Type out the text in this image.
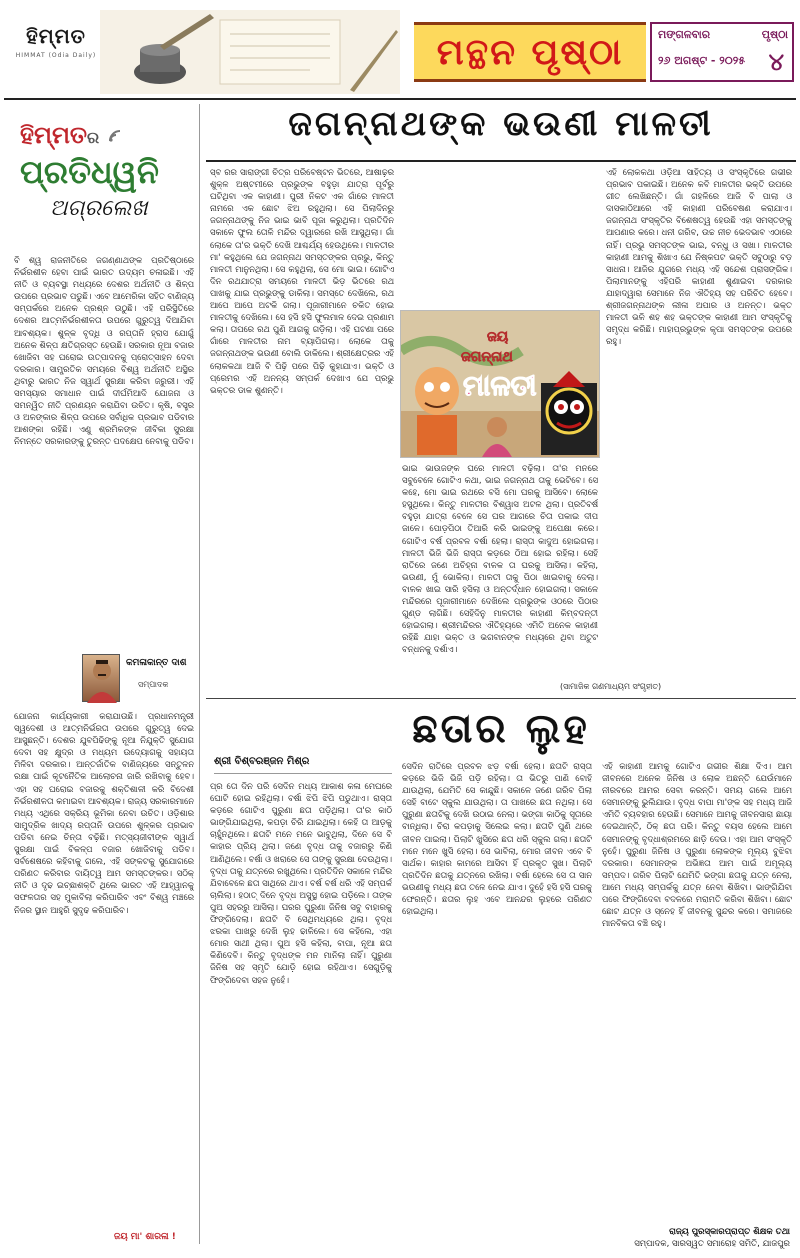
ହିମ୍ମତ
HIMMAT (Odia Daily)	ମନ୍ଥନ ପୃଷ୍ଠା	ମଙ୍ଗଳବାର
୨୬ ଅଗଷ୍ଟ - ୨୦୨୫
ପୃଷ୍ଠା
୪
ହିମ୍ମତର
ପ୍ରତିଧ୍ୱନି
ଅଗ୍ରଲେଖ
ବି ଶ୍ୱ ରାଜନୀତିରେ ଜଗଣ୍ଣାଥଙ୍କ ପ୍ରତିଷ୍ଠାରେ ନିର୍ଭରଶୀଳ ହେବା ପାଇଁ ଭାରତ ଉଦ୍ୟମ ଚଳାଇଛି। ଏହି ନୀତି ଓ ବ୍ୟବସ୍ଥା ମଧ୍ୟରେ ଦେଶର ଅର୍ଥନୀତି ଓ ଶିଳ୍ପ ଉପରେ ପ୍ରଭାବ ପଡୁଛି। ଏବେ ଆମେରିକା ସହିତ ବାଣିଜ୍ୟ ସମ୍ପର୍କରେ ଅନେକ ପ୍ରଶ୍ନ ଉଠୁଛି। ଏହି ପରିସ୍ଥିତିରେ ଦେଶର ଆତ୍ମନିର୍ଭରଶୀଳତା ଉପରେ ଗୁରୁତ୍ୱ ଦିଆଯିବା ଆବଶ୍ୟକ। ଶୁଳ୍କ ବୃଦ୍ଧି ଓ ରପ୍ତାନି ହ୍ରାସ ଯୋଗୁଁ ଅନେକ ଶିଳ୍ପ କ୍ଷତିଗ୍ରସ୍ତ ହେଉଛି। ସରକାର ନୂଆ ବଜାର ଖୋଜିବା ସହ ଘରୋଇ ଉତ୍ପାଦନକୁ ପ୍ରୋତ୍ସାହନ ଦେବା ଦରକାର। ସାମ୍ପ୍ରତିକ ସମୟରେ ବିଶ୍ୱ ଅର୍ଥନୀତି ଅସ୍ଥିର ଥିବାରୁ ଭାରତ ନିଜ ସ୍ୱାର୍ଥ ସୁରକ୍ଷା କରିବା ଜରୁରୀ। ଏହି ସମସ୍ୟାର ସମାଧାନ ପାଇଁ ଦୀର୍ଘମିଆଦି ଯୋଜନା ଓ ସମନ୍ୱିତ ନୀତି ପ୍ରଣୟନ କରାଯିବା ଉଚିତ। କୃଷି, ବସ୍ତ୍ର ଓ ଅଳଙ୍କାର ଶିଳ୍ପ ଉପରେ ସର୍ବାଧିକ ପ୍ରଭାବ ପଡିବାର ଆଶଙ୍କା ରହିଛି। ଏଣୁ ଶ୍ରମିକଙ୍କ ଜୀବିକା ସୁରକ୍ଷା ନିମନ୍ତେ ସରକାରଙ୍କୁ ତୁରନ୍ତ ପଦକ୍ଷେପ ନେବାକୁ ପଡିବ।
କମଳାକାନ୍ତ ଦାଶ
ସମ୍ପାଦକ
ଯୋଜନା କାର୍ଯ୍ୟକାରୀ କରାଯାଉଛି। ପ୍ରଧାନମନ୍ତ୍ରୀ ସ୍ୱଦେଶୀ ଓ ଆତ୍ମନିର୍ଭରତା ଉପରେ ଗୁରୁତ୍ୱ ଦେଇ ଆସୁଛନ୍ତି। ଦେଶର ଯୁବପିଢିଙ୍କୁ ନୂଆ ନିଯୁକ୍ତି ସୁଯୋଗ ଦେବା ସହ କ୍ଷୁଦ୍ର ଓ ମଧ୍ୟମ ଉଦ୍ୟୋଗକୁ ସହାୟତା ମିଳିବା ଦରକାର। ଆନ୍ତର୍ଜାତିକ ବାଣିଜ୍ୟରେ ସନ୍ତୁଳନ ରକ୍ଷା ପାଇଁ କୂଟନୈତିକ ଆଲୋଚନା ଜାରି ରଖିବାକୁ ହେବ। ଏହା ସହ ଘରୋଇ ବଜାରକୁ ଶକ୍ତିଶାଳୀ କରି ବିଦେଶୀ ନିର୍ଭରଶୀଳତା କମାଇବା ଆବଶ୍ୟକ। ରାଜ୍ୟ ସରକାରମାନେ ମଧ୍ୟ ଏଥିରେ ସକ୍ରିୟ ଭୂମିକା ନେବା ଉଚିତ। ଓଡ଼ିଶାର ସାମୁଦ୍ରିକ ଖାଦ୍ୟ ରପ୍ତାନି ଉପରେ ଶୁଳ୍କର ପ୍ରଭାବ ପଡିବା ନେଇ ଚିନ୍ତା ବଢ଼ିଛି। ମତ୍ସ୍ୟଜୀବୀଙ୍କ ସ୍ୱାର୍ଥ ସୁରକ୍ଷା ପାଇଁ ବିକଳ୍ପ ବଜାର ଖୋଜିବାକୁ ପଡିବ। ସର୍ବଶେଷରେ କହିବାକୁ ଗଲେ, ଏହି ସଙ୍କଟକୁ ସୁଯୋଗରେ ପରିଣତ କରିବାର ଦାୟିତ୍ୱ ଆମ ସମସ୍ତଙ୍କର। ସଠିକ୍ ନୀତି ଓ ଦୃଢ ଇଚ୍ଛାଶକ୍ତି ଥିଲେ ଭାରତ ଏହି ଆହ୍ୱାନକୁ ସଫଳତାର ସହ ମୁକାବିଲା କରିପାରିବ ଏବଂ ବିଶ୍ୱ ମଞ୍ଚରେ ନିଜର ସ୍ଥାନ ଆହୁରି ସୁଦୃଢ କରିପାରିବ।
ଜୟ ମା' ଶାରଳା !
ଜଗନ୍ନାଥଙ୍କ ଭଉଣୀ ମାଳତୀ
ସ୍ବ ରର ସାରାଙ୍ଗୀ ଚିତ୍ର ପରିବେଷ୍ଟନ ଭିତରେ, ଆଷାଢ଼ର ଶୁକ୍ଳ ଅଷ୍ଟମୀରେ ପ୍ରଭୁଙ୍କ ବହୁଡ଼ା ଯାତ୍ରା ପୂର୍ବରୁ ଘଟିଥିବା ଏକ କାହାଣୀ। ପୁରୀ ନିକଟ ଏକ ଗାଁରେ ମାଳତୀ ନାମରେ ଏକ ଛୋଟ ଝିଅ ରହୁଥିଲା। ସେ ପିଲାଦିନରୁ ଜଗନ୍ନାଥଙ୍କୁ ନିଜ ଭାଇ ଭାବି ପୂଜା କରୁଥିଲା। ପ୍ରତିଦିନ ସକାଳେ ଫୁଲ ତୋଳି ମନ୍ଦିର ଦ୍ୱାରରେ ରଖି ଆସୁଥିଲା। ଗାଁ ଲୋକେ ତା'ର ଭକ୍ତି ଦେଖି ଆଶ୍ଚର୍ଯ୍ୟ ହେଉଥିଲେ। ମାଳତୀର ମା' କହୁଥିଲେ ଯେ ଜଗନ୍ନାଥ ସମସ୍ତଙ୍କର ପ୍ରଭୁ, କିନ୍ତୁ ମାଳତୀ ମାନୁନଥିଲା। ସେ କହୁଥିଲା, ସେ ମୋ ଭାଇ। ଗୋଟିଏ ଦିନ ରଥଯାତ୍ରା ସମୟରେ ମାଳତୀ ଭିଡ଼ ଭିତରେ ରଥ ପାଖକୁ ଯାଇ ପ୍ରଭୁଙ୍କୁ ଡାକିଲା। ସମସ୍ତେ ଦେଖିଲେ, ରଥ ଆପେ ଆପେ ଅଟକି ଗଲା। ପୂଜାରୀମାନେ ଚକିତ ହୋଇ ମାଳତୀକୁ ଦେଖିଲେ। ସେ ହସି ହସି ଫୁଲମାଳ ଦେଇ ପ୍ରଣାମ କଲା। ତାପରେ ରଥ ପୁଣି ଆଗକୁ ଗଡ଼ିଲା। ଏହି ଘଟଣା ପରେ ଗାଁରେ ମାଳତୀର ନାମ ବ୍ୟାପିଗଲା। ଲୋକେ ତାକୁ ଜଗନ୍ନାଥଙ୍କ ଭଉଣୀ ବୋଲି ଡାକିଲେ। ଶ୍ରୀକ୍ଷେତ୍ରର ଏହି ଲୋକକଥା ଆଜି ବି ପିଢ଼ି ପରେ ପିଢ଼ି କୁହାଯାଏ। ଭକ୍ତି ଓ ପ୍ରେମର ଏହି ଅନନ୍ୟ ସମ୍ପର୍କ ଦେଖାଏ ଯେ ପ୍ରଭୁ ଭକ୍ତର ଡାକ ଶୁଣନ୍ତି।
ଜୟ
ଜଗନ୍ନାଥ
ମାଳତୀ
ଭାଇ ଭାଉଜଙ୍କ ଘରେ ମାଳତୀ ବଢ଼ିଲା। ତା'ର ମନରେ ସବୁବେଳେ ଗୋଟିଏ କଥା, ଭାଇ ଜଗନ୍ନାଥ ତାକୁ ଭେଟିବେ। ସେ କହେ, ମୋ ଭାଇ ରଥରେ ବସି ମୋ ଘରକୁ ଆସିବେ। ଲୋକେ ହସୁଥିଲେ। କିନ୍ତୁ ମାଳତୀର ବିଶ୍ୱାସ ଅଟଳ ଥିଲା। ପ୍ରତିବର୍ଷ ବହୁଡ଼ା ଯାତ୍ରା ବେଳେ ସେ ଘର ଆଗରେ ଚିତା ପକାଇ ଦୀପ ଜାଳେ। ପୋଡ଼ପିଠା ତିଆରି କରି ଭାଇଙ୍କୁ ଅପେକ୍ଷା କରେ। ଗୋଟିଏ ବର୍ଷ ପ୍ରବଳ ବର୍ଷା ହେଲା। ରାସ୍ତା କାଦୁଅ ହୋଇଗଲା। ମାଳତୀ ଭିଜି ଭିଜି ରାସ୍ତା କଡ଼ରେ ଠିଆ ହୋଇ ରହିଲା। ସେହି ରାତିରେ ଜଣେ ଅଚିହ୍ନା ବାଳକ ତା ଘରକୁ ଆସିଲା। କହିଲା, ଭଉଣୀ, ମୁଁ ଭୋକିଲା। ମାଳତୀ ତାକୁ ପିଠା ଖାଇବାକୁ ଦେଲା। ବାଳକ ଖାଇ ସାରି ହସିଲା ଓ ଅନ୍ତର୍ଦ୍ଧାନ ହୋଇଗଲା। ସକାଳେ ମନ୍ଦିରରେ ପୂଜାରୀମାନେ ଦେଖିଲେ ପ୍ରଭୁଙ୍କ ଓଠରେ ପିଠାର ଗୁଣ୍ଡ ଲାଗିଛି। ସେହିଦିନୁ ମାଳତୀର କାହାଣୀ କିମ୍ବଦନ୍ତୀ ହୋଇଗଲା। ଶ୍ରୀମନ୍ଦିରର ଐତିହ୍ୟରେ ଏମିତି ଅନେକ କାହାଣୀ ରହିଛି ଯାହା ଭକ୍ତ ଓ ଭଗବାନଙ୍କ ମଧ୍ୟରେ ଥିବା ଅତୁଟ ବନ୍ଧନକୁ ଦର୍ଶାଏ।
ଏହି ଲୋକକଥା ଓଡ଼ିଆ ସାହିତ୍ୟ ଓ ସଂସ୍କୃତିରେ ଗଭୀର ପ୍ରଭାବ ପକାଇଛି। ଅନେକ କବି ମାଳତୀର ଭକ୍ତି ଉପରେ ଗୀତ ଲେଖିଛନ୍ତି। ଗାଁ ଗହଳିରେ ଆଜି ବି ପାଲା ଓ ଦାସକାଠିଆରେ ଏହି କାହାଣୀ ପରିବେଷଣ କରାଯାଏ। ଜଗନ୍ନାଥ ସଂସ୍କୃତିର ବିଶେଷତ୍ୱ ହେଉଛି ଏହା ସମସ୍ତଙ୍କୁ ଆପଣାର କରେ। ଧନୀ ଗରିବ, ଉଚ୍ଚ ନୀଚ ଭେଦଭାବ ଏଠାରେ ନାହିଁ। ପ୍ରଭୁ ସମସ୍ତଙ୍କ ଭାଇ, ବନ୍ଧୁ ଓ ସଖା। ମାଳତୀର କାହାଣୀ ଆମକୁ ଶିଖାଏ ଯେ ନିଷ୍କପଟ ଭକ୍ତି ସବୁଠାରୁ ବଡ଼ ସାଧନା। ଆଜିର ଯୁଗରେ ମଧ୍ୟ ଏହି ସନ୍ଦେଶ ପ୍ରାସଙ୍ଗିକ। ପିଲାମାନଙ୍କୁ ଏହିପରି କାହାଣୀ ଶୁଣାଇବା ଦରକାର ଯାହାଦ୍ୱାରା ସେମାନେ ନିଜ ଐତିହ୍ୟ ସହ ପରିଚିତ ହେବେ। ଶ୍ରୀଜଗନ୍ନାଥଙ୍କ ଲୀଳା ଅପାର ଓ ଅନନ୍ତ। ଭକ୍ତ ମାଳତୀ ଭଳି ଶହ ଶହ ଭକ୍ତଙ୍କ କାହାଣୀ ଆମ ସଂସ୍କୃତିକୁ ସମୃଦ୍ଧ କରିଛି। ମାହାପ୍ରଭୁଙ୍କ କୃପା ସମସ୍ତଙ୍କ ଉପରେ ରହୁ।
(ସାମାଜିକ ଗଣମାଧ୍ୟମ ସଂଗୃହୀତ)
ଛତାର ଲୁହ
ଶ୍ରୀ ବିଶ୍ବରଞ୍ଜନ ମିଶ୍ର
ପ୍ର ତୋ ଦିନ ପରି ସେଦିନ ମଧ୍ୟ ଆକାଶ କଳା ମେଘରେ ଘୋଟି ହୋଇ ରହିଥିଲା। ବର୍ଷା ଝିପି ଝିପି ପଡୁଥାଏ। ରାସ୍ତା କଡ଼ରେ ଗୋଟିଏ ପୁରୁଣା ଛତା ପଡ଼ିଥିଲା। ତା'ର କାଠି ଭାଙ୍ଗିଯାଇଥିଲା, କପଡ଼ା ଚିରି ଯାଇଥିଲା। କେହି ତା ଆଡ଼କୁ ଚାହୁଁନଥିଲେ। ଛତାଟି ମନେ ମନେ ଭାବୁଥିଲା, ଦିନେ ସେ ବି କାହାର ପ୍ରିୟ ଥିଲା। ଜଣେ ବୃଦ୍ଧ ତାକୁ ବଜାରରୁ କିଣି ଆଣିଥିଲେ। ବର୍ଷା ଓ ଖରାରେ ସେ ତାଙ୍କୁ ସୁରକ୍ଷା ଦେଉଥିଲା। ବୃଦ୍ଧ ତାକୁ ଯତ୍ନରେ ରଖୁଥିଲେ। ପ୍ରତିଦିନ ସକାଳେ ମନ୍ଦିର ଯିବାବେଳେ ଛତା ସାଥିରେ ଥାଏ। ବର୍ଷ ବର୍ଷ ଧରି ଏହି ସମ୍ପର୍କ ଚାଲିଲା। ହଠାତ୍ ଦିନେ ବୃଦ୍ଧ ଅସୁସ୍ଥ ହୋଇ ପଡ଼ିଲେ। ତାଙ୍କ ପୁଅ ସହରରୁ ଆସିଲା। ଘରର ପୁରୁଣା ଜିନିଷ ସବୁ ବାହାରକୁ ଫିଙ୍ଗିଦେଲା। ଛତାଟି ବି ସେଥିମଧ୍ୟରେ ଥିଲା। ବୃଦ୍ଧ ଝରକା ପାଖରୁ ଦେଖି ଲୁହ ଢାଳିଲେ। ସେ କହିଲେ, ଏହା ମୋର ସାଥୀ ଥିଲା। ପୁଅ ହସି କହିଲା, ବାପା, ନୂଆ ଛତା କିଣିଦେବି। କିନ୍ତୁ ବୃଦ୍ଧଙ୍କ ମନ ମାନିଲା ନାହିଁ। ପୁରୁଣା ଜିନିଷ ସହ ସ୍ମୃତି ଯୋଡ଼ି ହୋଇ ରହିଥାଏ। ସେଗୁଡ଼ିକୁ ଫିଙ୍ଗିଦେବା ସହଜ ନୁହେଁ।
ସେଦିନ ରାତିରେ ପ୍ରବଳ ଝଡ଼ ବର୍ଷା ହେଲା। ଛତାଟି ରାସ୍ତା କଡ଼ରେ ଭିଜି ଭିଜି ପଡ଼ି ରହିଲା। ତା ଭିତରୁ ପାଣି ବୋହି ଯାଉଥିଲା, ଯେମିତି ସେ କାନ୍ଦୁଛି। ସକାଳେ ଜଣେ ଗରିବ ପିଲା ସେହି ବାଟେ ସ୍କୁଲ ଯାଉଥିଲା। ତା ପାଖରେ ଛତା ନଥିଲା। ସେ ପୁରୁଣା ଛତାଟିକୁ ଦେଖି ଉଠାଇ ନେଲା। ଭଙ୍ଗା କାଠିକୁ ସୂତାରେ ବାନ୍ଧିଲା। ଚିରା କପଡ଼ାକୁ ସିଲେଇ କଲା। ଛତାଟି ପୁଣି ଥରେ ଜୀବନ ପାଇଲା। ପିଲାଟି ଖୁସିରେ ଛତା ଧରି ସ୍କୁଲ ଗଲା। ଛତାଟି ମନେ ମନେ ଖୁସି ହେଲା। ସେ ଭାବିଲା, ମୋର ଜୀବନ ଏବେ ବି ସାର୍ଥକ। କାହାର କାମରେ ଆସିବା ହିଁ ପ୍ରକୃତ ସୁଖ। ପିଲାଟି ପ୍ରତିଦିନ ଛତାକୁ ଯତ୍ନରେ ରଖିଲା। ବର୍ଷା ହେଲେ ସେ ତା ସାନ ଭଉଣୀକୁ ମଧ୍ୟ ଛତା ତଳେ ନେଇ ଯାଏ। ଦୁହେଁ ହସି ହସି ଘରକୁ ଫେରନ୍ତି। ଛତାର ଲୁହ ଏବେ ଆନନ୍ଦର ଲୁହରେ ପରିଣତ ହୋଇଥିଲା।
ଏହି କାହାଣୀ ଆମକୁ ଗୋଟିଏ ଗଭୀର ଶିକ୍ଷା ଦିଏ। ଆମ ଜୀବନରେ ଅନେକ ଜିନିଷ ଓ ଲୋକ ଅଛନ୍ତି ଯେଉଁମାନେ ନୀରବରେ ଆମର ସେବା କରନ୍ତି। ସମୟ ଗଲେ ଆମେ ସେମାନଙ୍କୁ ଭୁଲିଯାଉ। ବୃଦ୍ଧ ବାପା ମା'ଙ୍କ ସହ ମଧ୍ୟ ଆଜି ଏମିତି ବ୍ୟବହାର ହେଉଛି। ସେମାନେ ଆମକୁ ଜୀବନସାରା ଛାୟା ଦେଇଥାନ୍ତି, ଠିକ୍ ଛତା ପରି। କିନ୍ତୁ ବୟସ ହେଲେ ଆମେ ସେମାନଙ୍କୁ ବୃଦ୍ଧାଶ୍ରମରେ ଛାଡ଼ି ଦେଉ। ଏହା ଆମ ସଂସ୍କୃତି ନୁହେଁ। ପୁରୁଣା ଜିନିଷ ଓ ପୁରୁଣା ଲୋକଙ୍କ ମୂଲ୍ୟ ବୁଝିବା ଦରକାର। ସେମାନଙ୍କ ଅଭିଜ୍ଞତା ଆମ ପାଇଁ ଅମୂଲ୍ୟ ସମ୍ପଦ। ଗରିବ ପିଲାଟି ଯେମିତି ଭଙ୍ଗା ଛତାକୁ ଯତ୍ନ ନେଲା, ଆମେ ମଧ୍ୟ ସମ୍ପର୍କକୁ ଯତ୍ନ ନେବା ଶିଖିବା। ଭାଙ୍ଗିଯିବା ପରେ ଫିଙ୍ଗିଦେବା ବଦଳରେ ମରାମତି କରିବା ଶିଖିବା। ଛୋଟ ଛୋଟ ଯତ୍ନ ଓ ସ୍ନେହ ହିଁ ଜୀବନକୁ ସୁନ୍ଦର କରେ। ସମାଜରେ ମାନବିକତା ବଞ୍ଚି ରହୁ।
ରାଜ୍ୟ ପୁରସ୍କାରପ୍ରାପ୍ତ ଶିକ୍ଷକ ତଥା
ସମ୍ପାଦକ, ସାରସ୍ୱତ ସମାରୋହ ସମିତି, ଯାଜପୁର
